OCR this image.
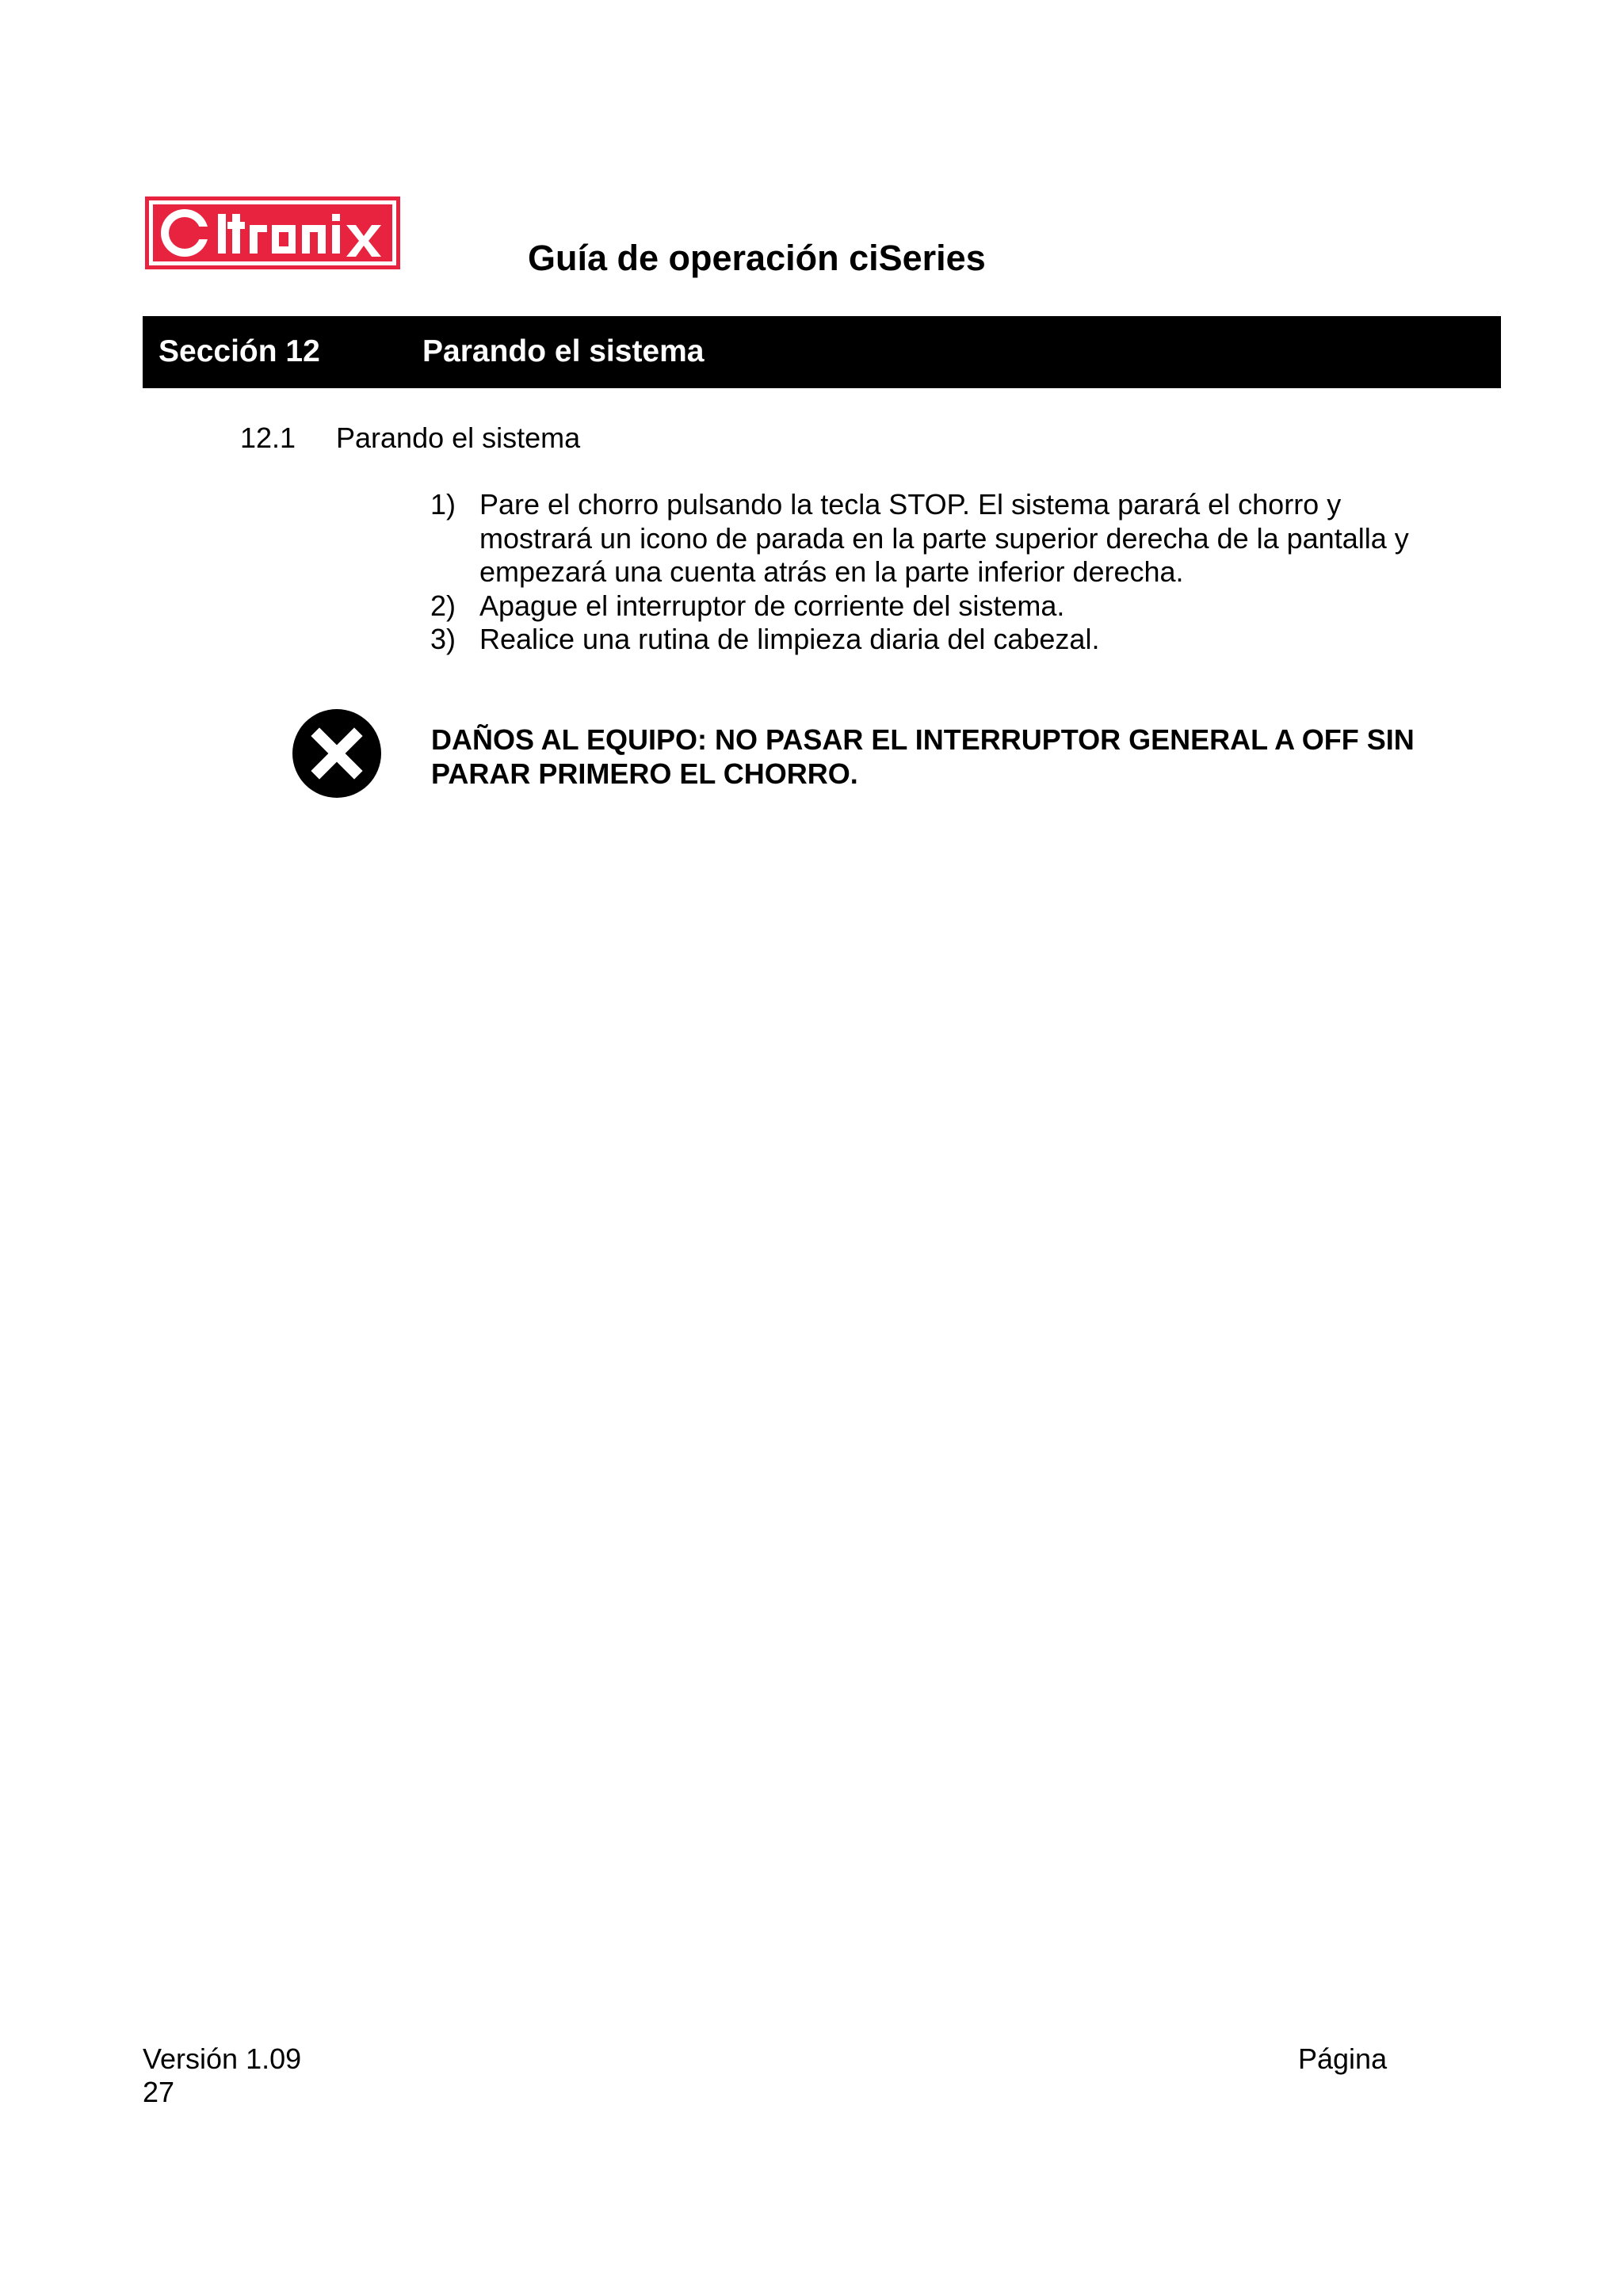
Guía de operación ciSeries
Sección 12	Parando el sistema
12.1 Parando el sistema
1) Pare el chorro pulsando la tecla STOP. El sistema parará el chorro y mostrará un icono de parada en la parte superior derecha de la pantalla y empezará una cuenta atrás en la parte inferior derecha.
2) Apague el interruptor de corriente del sistema.
3) Realice una rutina de limpieza diaria del cabezal.
DAÑOS AL EQUIPO: NO PASAR EL INTERRUPTOR GENERAL A OFF SIN PARAR PRIMERO EL CHORRO.
Versión 1.09	Página
27
